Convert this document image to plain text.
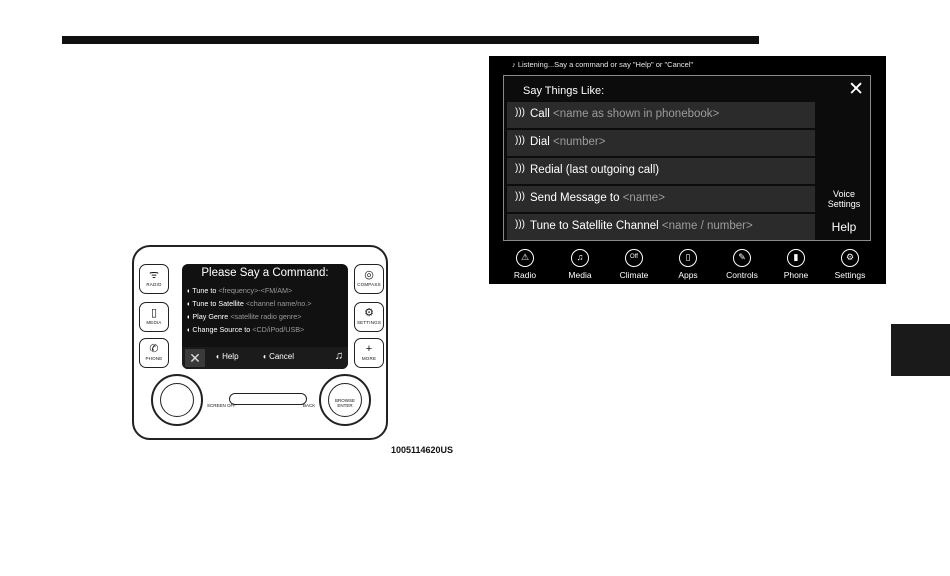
ᯤ
RADIO
▯
MEDIA
✆
PHONE
◎
COMPASS
⚙
SETTINGS
+
MORE
Please Say a Command:
◖ Tune to <frequency>-<FM/AM>
◖ Tune to Satellite <channel name/no.>
◖ Play Genre <satellite radio genre>
◖ Change Source to <CD/iPod/USB>
✕	◖ Help	◖ Cancel	♫
SCREEN OFF	BACK
BROWSE ENTER
1005114620US
♪︎ Listening...Say a command or say "Help" or "Cancel"
Say Things Like:	✕
))) Call <name as shown in phonebook>
))) Dial <number>
))) Redial (last outgoing call)
))) Send Message to <name>
))) Tune to Satellite Channel <name / number>
Voice
Settings
Help
⚠︎
Radio
♫
Media
Off
Climate
▯
Apps
✎
Controls
▮
Phone
⚙
Settings
